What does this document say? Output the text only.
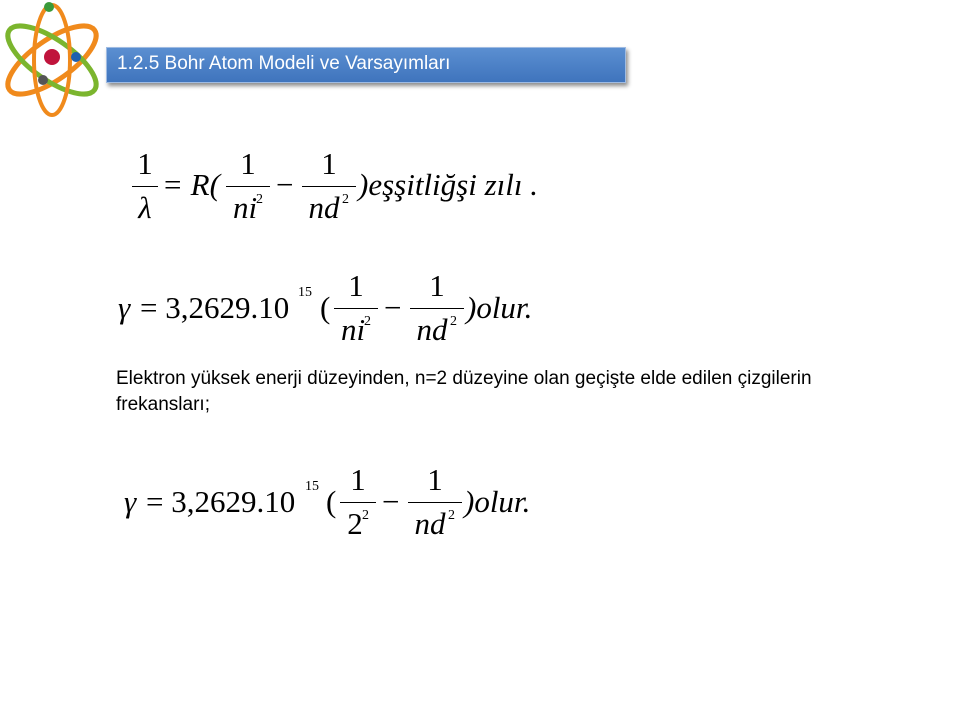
1.2.5 Bohr Atom Modeli ve Varsayımları
1
λ
= R(
1
ni
2 −
1
nd 2 )eşşitliğşi zılı .
γ = 3,2629.10 15 (
1
ni
2 −
1
nd 2 )olur.
Elektron yüksek enerji düzeyinden, n=2 düzeyine olan geçişte elde edilen çizgilerin frekansları;
γ = 3,2629.10 15 (
1
2 2 −
1
nd 2 )olur.
